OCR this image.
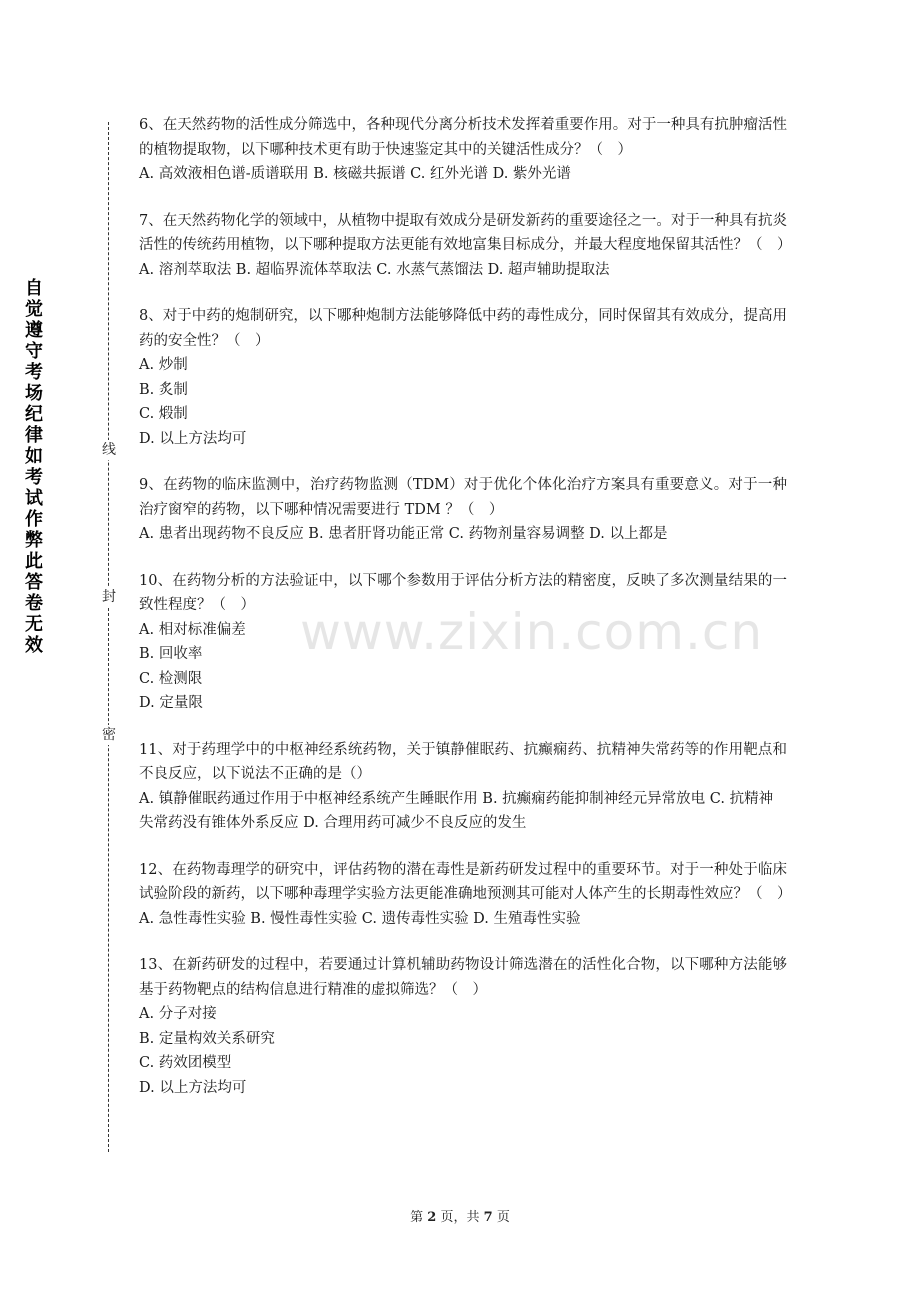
自觉遵守考场纪律如考试作弊此答卷无效
线
封
密
www.zixin.com.cn

6、在天然药物的活性成分筛选中，各种现代分离分析技术发挥着重要作用。对于一种具有抗肿瘤活性的植物提取物，以下哪种技术更有助于快速鉴定其中的关键活性成分？（　）

A. 高效液相色谱-质谱联用 B. 核磁共振谱 C. 红外光谱 D. 紫外光谱

7、在天然药物化学的领域中，从植物中提取有效成分是研发新药的重要途径之一。对于一种具有抗炎活性的传统药用植物，以下哪种提取方法更能有效地富集目标成分，并最大程度地保留其活性？（　）

A. 溶剂萃取法 B. 超临界流体萃取法 C. 水蒸气蒸馏法 D. 超声辅助提取法

8、对于中药的炮制研究，以下哪种炮制方法能够降低中药的毒性成分，同时保留其有效成分，提高用药的安全性？（　）

A. 炒制

B. 炙制

C. 煅制

D. 以上方法均可

9、在药物的临床监测中，治疗药物监测（TDM）对于优化个体化治疗方案具有重要意义。对于一种治疗窗窄的药物，以下哪种情况需要进行 TDM ？（　）

A. 患者出现药物不良反应 B. 患者肝肾功能正常 C. 药物剂量容易调整 D. 以上都是

10、在药物分析的方法验证中，以下哪个参数用于评估分析方法的精密度，反映了多次测量结果的一致性程度？（　）

A. 相对标准偏差

B. 回收率

C. 检测限

D. 定量限

11、对于药理学中的中枢神经系统药物，关于镇静催眠药、抗癫痫药、抗精神失常药等的作用靶点和不良反应，以下说法不正确的是（）

A. 镇静催眠药通过作用于中枢神经系统产生睡眠作用 B. 抗癫痫药能抑制神经元异常放电 C. 抗精神失常药没有锥体外系反应 D. 合理用药可减少不良反应的发生

12、在药物毒理学的研究中，评估药物的潜在毒性是新药研发过程中的重要环节。对于一种处于临床试验阶段的新药，以下哪种毒理学实验方法更能准确地预测其可能对人体产生的长期毒性效应？（　）

A. 急性毒性实验 B. 慢性毒性实验 C. 遗传毒性实验 D. 生殖毒性实验

13、在新药研发的过程中，若要通过计算机辅助药物设计筛选潜在的活性化合物，以下哪种方法能够基于药物靶点的结构信息进行精准的虚拟筛选？（　）

A. 分子对接

B. 定量构效关系研究

C. 药效团模型

D. 以上方法均可

第 2 页，共 7 页
